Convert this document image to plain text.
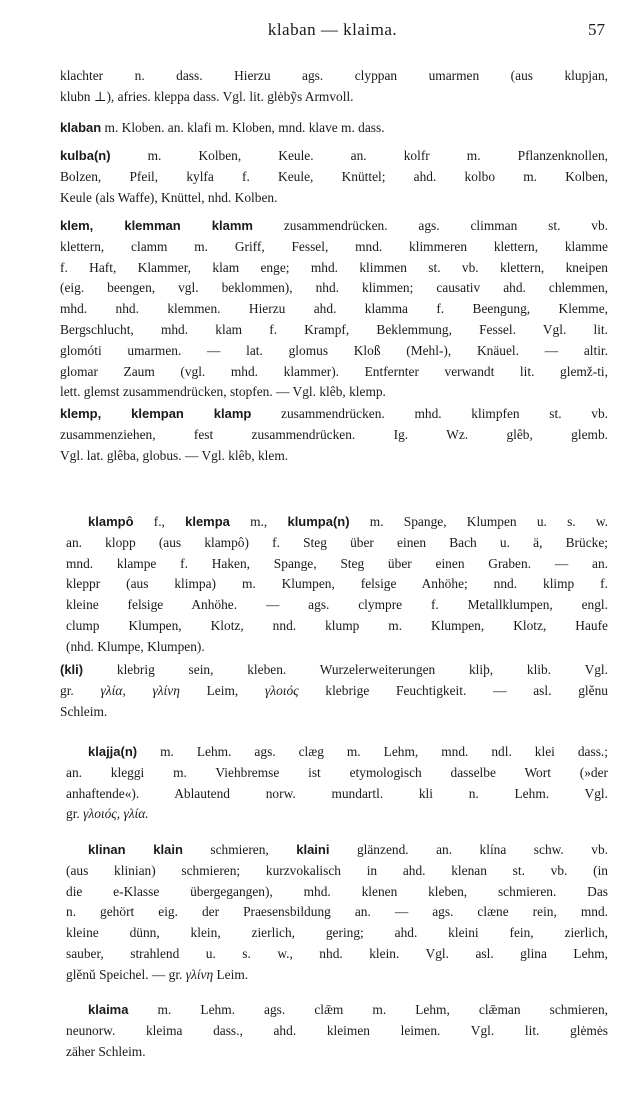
klaban — klaima.	57
klachter n. dass. Hierzu ags. clyppan umarmen (aus klupjan,
klubn ⊥), afries. kleppa dass. Vgl. lit. glėbỹs Armvoll.
klaban m. Kloben. an. klafi m. Kloben, mnd. klave m. dass.
kulba(n) m. Kolben, Keule. an. kolfr m. Pflanzenknollen,
Bolzen, Pfeil, kylfa f. Keule, Knüttel; ahd. kolbo m. Kolben,
Keule (als Waffe), Knüttel, nhd. Kolben.
klem, klemman klamm zusammendrücken. ags. climman st. vb.
klettern, clamm m. Griff, Fessel, mnd. klimmeren klettern, klamme
f. Haft, Klammer, klam enge; mhd. klimmen st. vb. klettern, kneipen
(eig. beengen, vgl. beklommen), nhd. klimmen; causativ ahd. chlemmen,
mhd. nhd. klemmen. Hierzu ahd. klamma f. Beengung, Klemme,
Bergschlucht, mhd. klam f. Krampf, Beklemmung, Fessel. Vgl. lit.
glomóti umarmen. — lat. glomus Kloß (Mehl-), Knäuel. — altir.
glomar Zaum (vgl. mhd. klammer). Entfernter verwandt lit. glemž-ti,
lett. glemst zusammendrücken, stopfen. — Vgl. klêb, klemp.
klemp, klempan klamp zusammendrücken. mhd. klimpfen st. vb.
zusammenziehen, fest zusammendrücken. Ig. Wz. glêb, glemb.
Vgl. lat. glêba, globus. — Vgl. klêb, klem.
klampô f., klempa m., klumpa(n) m. Spange, Klumpen u. s. w.
an. klopp (aus klampô) f. Steg über einen Bach u. ä, Brücke;
mnd. klampe f. Haken, Spange, Steg über einen Graben. — an.
kleppr (aus klimpa) m. Klumpen, felsige Anhöhe; nnd. klimp f.
kleine felsige Anhöhe. — ags. clympre f. Metallklumpen, engl.
clump Klumpen, Klotz, nnd. klump m. Klumpen, Klotz, Haufe
(nhd. Klumpe, Klumpen).
(kli) klebrig sein, kleben. Wurzelerweiterungen kliþ, klib. Vgl.
gr. γλία, γλίνη Leim, γλοιός klebrige Feuchtigkeit. — asl. glěnu
Schleim.
klajja(n) m. Lehm. ags. clæg m. Lehm, mnd. ndl. klei dass.;
an. kleggi m. Viehbremse ist etymologisch dasselbe Wort (»der
anhaftende«). Ablautend norw. mundartl. kli n. Lehm. Vgl.
gr. γλοιός, γλία.
klinan klain schmieren, klaini glänzend. an. klína schw. vb.
(aus klinian) schmieren; kurzvokalisch in ahd. klenan st. vb. (in
die e-Klasse übergegangen), mhd. klenen kleben, schmieren. Das
n. gehört eig. der Praesensbildung an. — ags. clæne rein, mnd.
kleine dünn, klein, zierlich, gering; ahd. kleini fein, zierlich,
sauber, strahlend u. s. w., nhd. klein. Vgl. asl. glina Lehm,
glěnŭ Speichel. — gr. γλίνη Leim.
klaima m. Lehm. ags. clǣm m. Lehm, clǣman schmieren,
neunorw. kleima dass., ahd. kleimen leimen. Vgl. lit. glėmės
zäher Schleim.
